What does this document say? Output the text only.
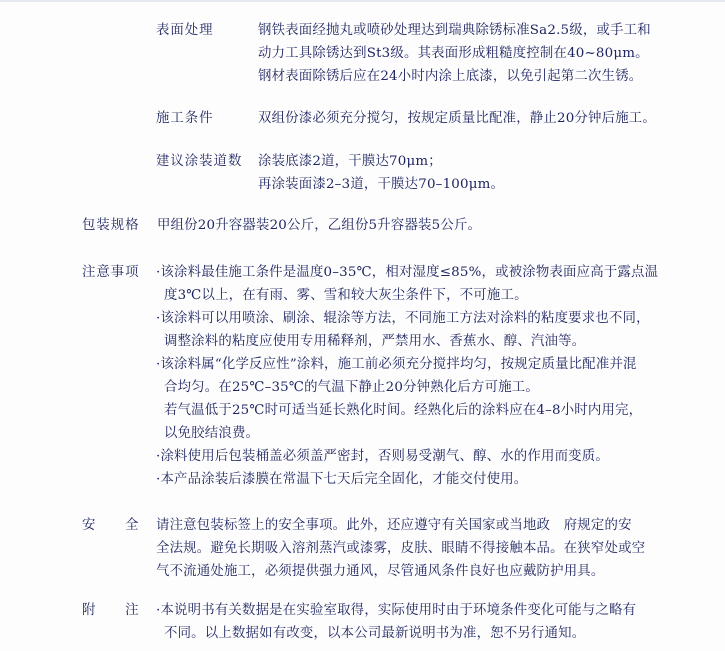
表面处理	钢铁表面经抛丸或喷砂处理达到瑞典除锈标准Sa2.5级，或手工和
动力工具除锈达到St3级。其表面形成粗糙度控制在40~80μm。
钢材表面除锈后应在24小时内涂上底漆，以免引起第二次生锈。
施工条件	双组份漆必须充分搅匀，按规定质量比配准，静止20分钟后施工。
建议涂装道数 涂装底漆2道，干膜达70μm；
再涂装面漆2–3道，干膜达70–100μm。
包装规格 甲组份20升容器装20公斤，乙组份5升容器装5公斤。
注意事项 ·该涂料最佳施工条件是温度0–35℃，相对湿度≤85%，或被涂物表面应高于露点温
度3℃以上，在有雨、雾、雪和较大灰尘条件下，不可施工。
·该涂料可以用喷涂、刷涂、辊涂等方法，不同施工方法对涂料的粘度要求也不同，
调整涂料的粘度应使用专用稀释剂，严禁用水、香蕉水、醇、汽油等。
·该涂料属“化学反应性”涂料，施工前必须充分搅拌均匀，按规定质量比配准并混
合均匀。在25℃–35℃的气温下静止20分钟熟化后方可施工。
若气温低于25℃时可适当延长熟化时间。经熟化后的涂料应在4–8小时内用完，
以免胶结浪费。
·涂料使用后包装桶盖必须盖严密封，否则易受潮气、醇、水的作用而变质。
·本产品涂装后漆膜在常温下七天后完全固化，才能交付使用。
安　　全 请注意包装标签上的安全事项。此外，还应遵守有关国家或当地政　府规定的安
全法规。避免长期吸入溶剂蒸汽或漆雾，皮肤、眼睛不得接触本品。在狭窄处或空
气不流通处施工，必须提供强力通风，尽管通风条件良好也应戴防护用具。
附　　注 ·本说明书有关数据是在实验室取得，实际使用时由于环境条件变化可能与之略有
不同。以上数据如有改变，以本公司最新说明书为准，恕不另行通知。
